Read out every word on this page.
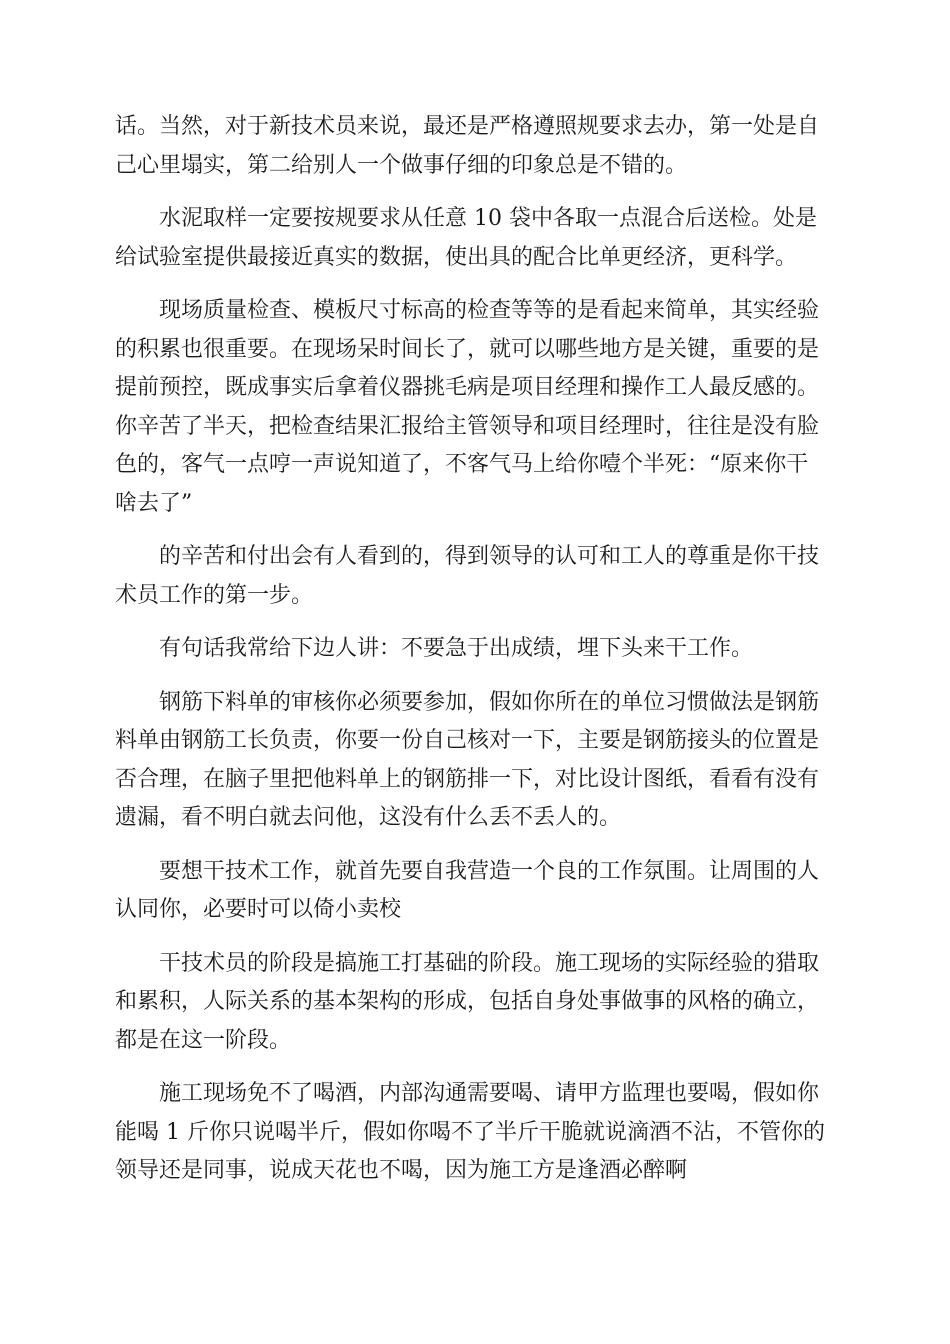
话。当然，对于新技术员来说，最还是严格遵照规要求去办，第一处是自
己心里塌实，第二给别人一个做事仔细的印象总是不错的。

水泥取样一定要按规要求从任意 10 袋中各取一点混合后送检。处是
给试验室提供最接近真实的数据，使出具的配合比单更经济，更科学。

现场质量检查、模板尺寸标高的检查等等的是看起来简单，其实经验
的积累也很重要。在现场呆时间长了，就可以哪些地方是关键，重要的是
提前预控，既成事实后拿着仪器挑毛病是项目经理和操作工人最反感的。
你辛苦了半天，把检查结果汇报给主管领导和项目经理时，往往是没有脸
色的，客气一点哼一声说知道了，不客气马上给你噎个半死：“原来你干
啥去了”

的辛苦和付出会有人看到的，得到领导的认可和工人的尊重是你干技
术员工作的第一步。

有句话我常给下边人讲：不要急于出成绩，埋下头来干工作。

钢筋下料单的审核你必须要参加，假如你所在的单位习惯做法是钢筋
料单由钢筋工长负责，你要一份自己核对一下，主要是钢筋接头的位置是
否合理，在脑子里把他料单上的钢筋排一下，对比设计图纸，看看有没有
遗漏，看不明白就去问他，这没有什么丢不丢人的。

要想干技术工作，就首先要自我营造一个良的工作氛围。让周围的人
认同你，必要时可以倚小卖校

干技术员的阶段是搞施工打基础的阶段。施工现场的实际经验的猎取
和累积，人际关系的基本架构的形成，包括自身处事做事的风格的确立，
都是在这一阶段。

施工现场免不了喝酒，内部沟通需要喝、请甲方监理也要喝，假如你
能喝 1 斤你只说喝半斤，假如你喝不了半斤干脆就说滴酒不沾，不管你的
领导还是同事，说成天花也不喝，因为施工方是逢酒必醉啊
